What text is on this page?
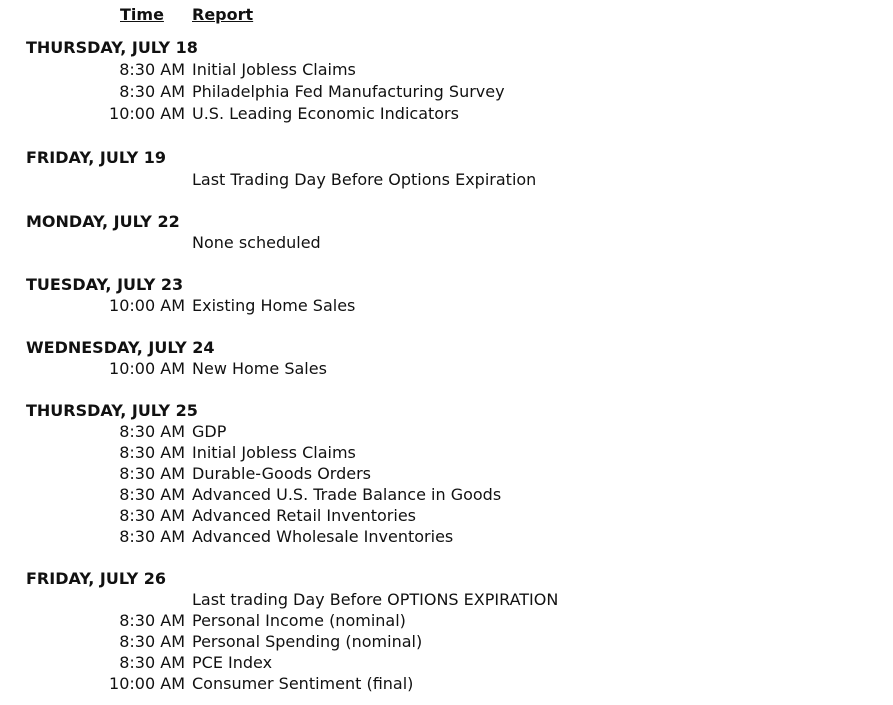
Time	Report
THURSDAY, JULY 18
8:30 AM Initial Jobless Claims
8:30 AM Philadelphia Fed Manufacturing Survey
10:00 AM U.S. Leading Economic Indicators
FRIDAY, JULY 19
Last Trading Day Before Options Expiration
MONDAY, JULY 22
None scheduled
TUESDAY, JULY 23
10:00 AM Existing Home Sales
WEDNESDAY, JULY 24
10:00 AM New Home Sales
THURSDAY, JULY 25
8:30 AM GDP
8:30 AM Initial Jobless Claims
8:30 AM Durable-Goods Orders
8:30 AM Advanced U.S. Trade Balance in Goods
8:30 AM Advanced Retail Inventories
8:30 AM Advanced Wholesale Inventories
FRIDAY, JULY 26
Last trading Day Before OPTIONS EXPIRATION
8:30 AM Personal Income (nominal)
8:30 AM Personal Spending (nominal)
8:30 AM PCE Index
10:00 AM Consumer Sentiment (final)
